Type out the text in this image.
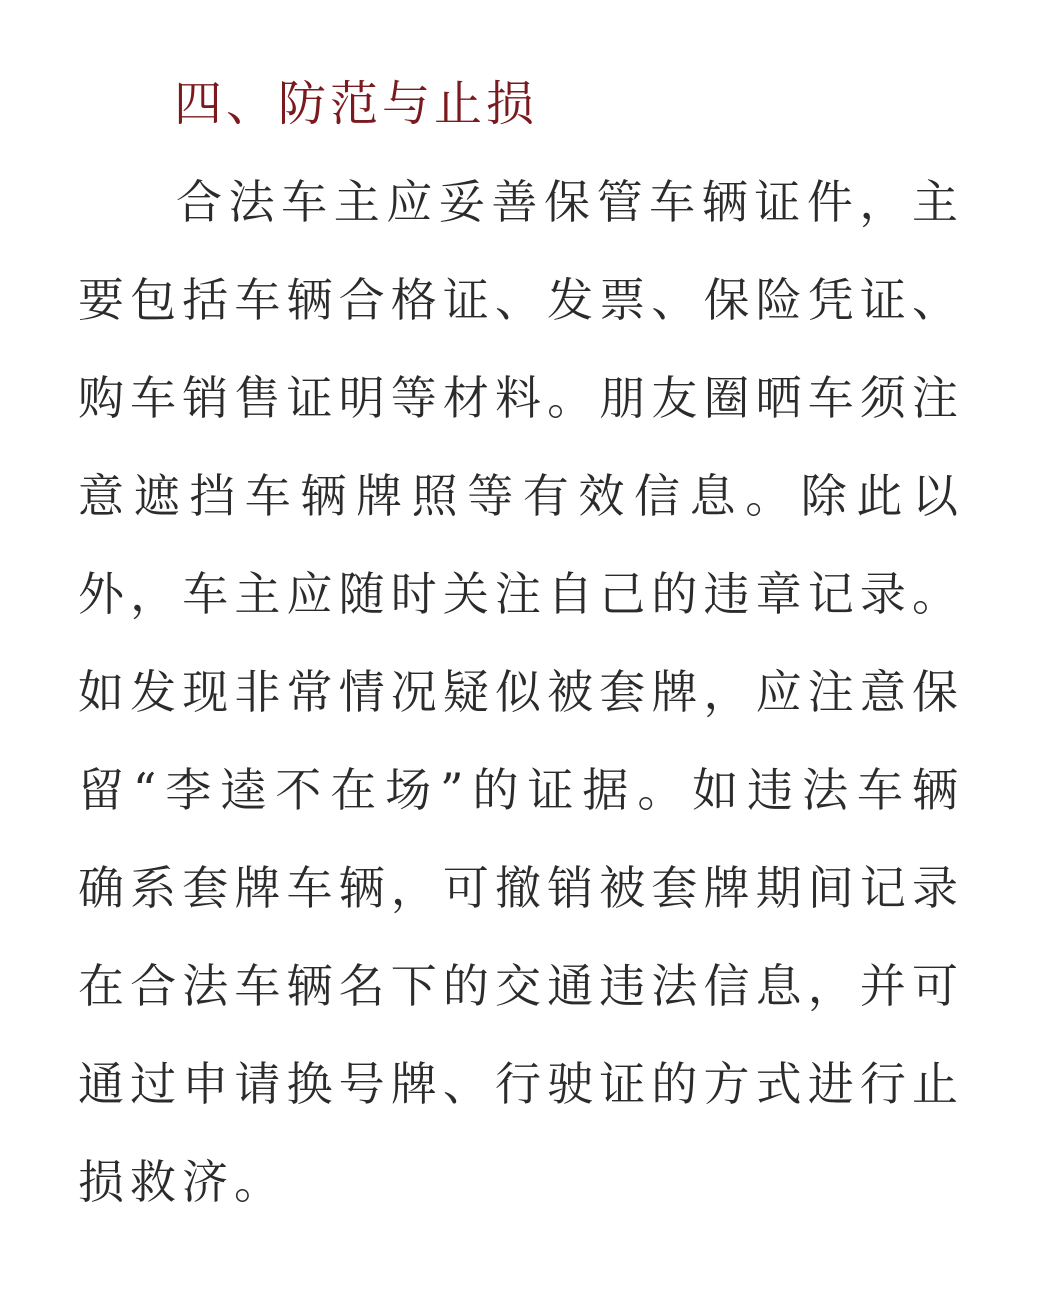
四、防范与止损
合法车主应妥善保管车辆证件，主
要包括车辆合格证、发票、保险凭证、
购车销售证明等材料。朋友圈晒车须注
意遮挡车辆牌照等有效信息。除此以
外，车主应随时关注自己的违章记录。
如发现非常情况疑似被套牌，应注意保
留“李逵不在场”的证据。如违法车辆
确系套牌车辆，可撤销被套牌期间记录
在合法车辆名下的交通违法信息，并可
通过申请换号牌、行驶证的方式进行止
损救济。
